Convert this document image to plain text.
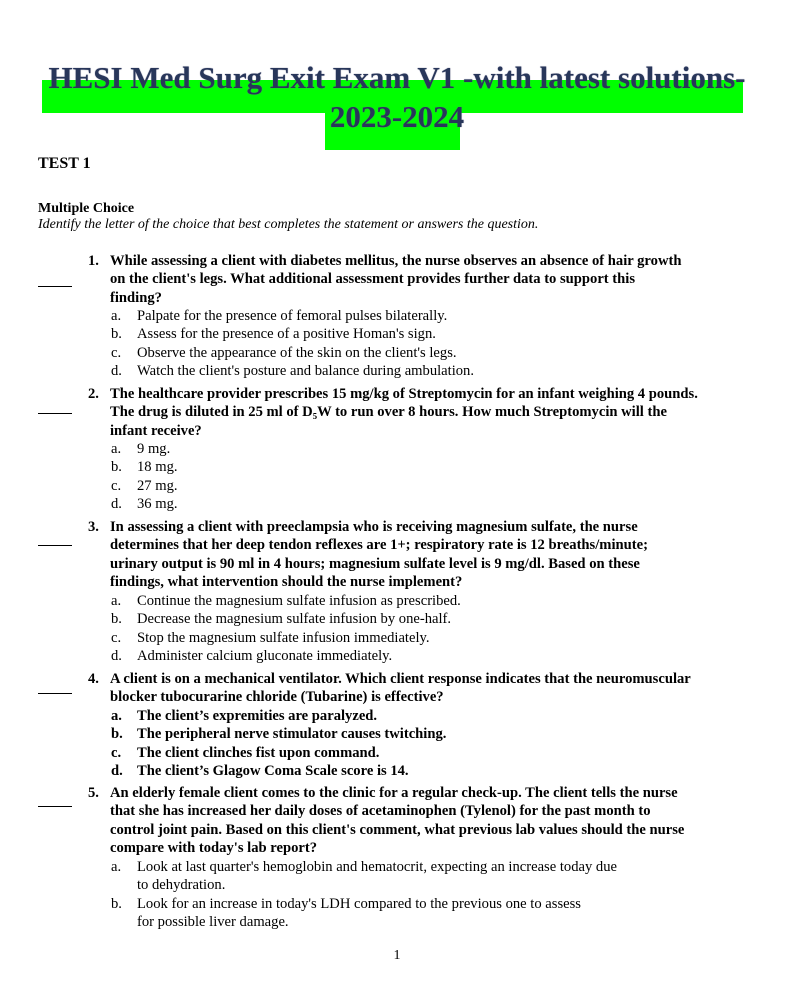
HESI Med Surg Exit Exam V1 -with latest solutions-
2023-2024
TEST 1
Multiple Choice
Identify the letter of the choice that best completes the statement or answers the question.
1. While assessing a client with diabetes mellitus, the nurse observes an absence of hair growth
on the client's legs. What additional assessment provides further data to support this
finding?
a.	Palpate for the presence of femoral pulses bilaterally.
b.	Assess for the presence of a positive Homan's sign.
c.	Observe the appearance of the skin on the client's legs.
d.	Watch the client's posture and balance during ambulation.
2. The healthcare provider prescribes 15 mg/kg of Streptomycin for an infant weighing 4 pounds.
The drug is diluted in 25 ml of D₅W to run over 8 hours. How much Streptomycin will the
infant receive?
a.	9 mg.
b.	18 mg.
c.	27 mg.
d.	36 mg.
3. In assessing a client with preeclampsia who is receiving magnesium sulfate, the nurse
determines that her deep tendon reflexes are 1+; respiratory rate is 12 breaths/minute;
urinary output is 90 ml in 4 hours; magnesium sulfate level is 9 mg/dl. Based on these
findings, what intervention should the nurse implement?
a.	Continue the magnesium sulfate infusion as prescribed.
b.	Decrease the magnesium sulfate infusion by one-half.
c.	Stop the magnesium sulfate infusion immediately.
d.	Administer calcium gluconate immediately.
4. A client is on a mechanical ventilator. Which client response indicates that the neuromuscular
blocker tubocurarine chloride (Tubarine) is effective?
a.	The client’s expremities are paralyzed.
b. The peripheral nerve stimulator causes twitching.
c.	The client clinches fist upon command.
d. The client’s Glagow Coma Scale score is 14.
5. An elderly female client comes to the clinic for a regular check-up. The client tells the nurse
that she has increased her daily doses of acetaminophen (Tylenol) for the past month to
control joint pain. Based on this client's comment, what previous lab values should the nurse
compare with today's lab report?
a.	Look at last quarter's hemoglobin and hematocrit, expecting an increase today due
to dehydration.
b.	Look for an increase in today's LDH compared to the previous one to assess
for possible liver damage.
1
